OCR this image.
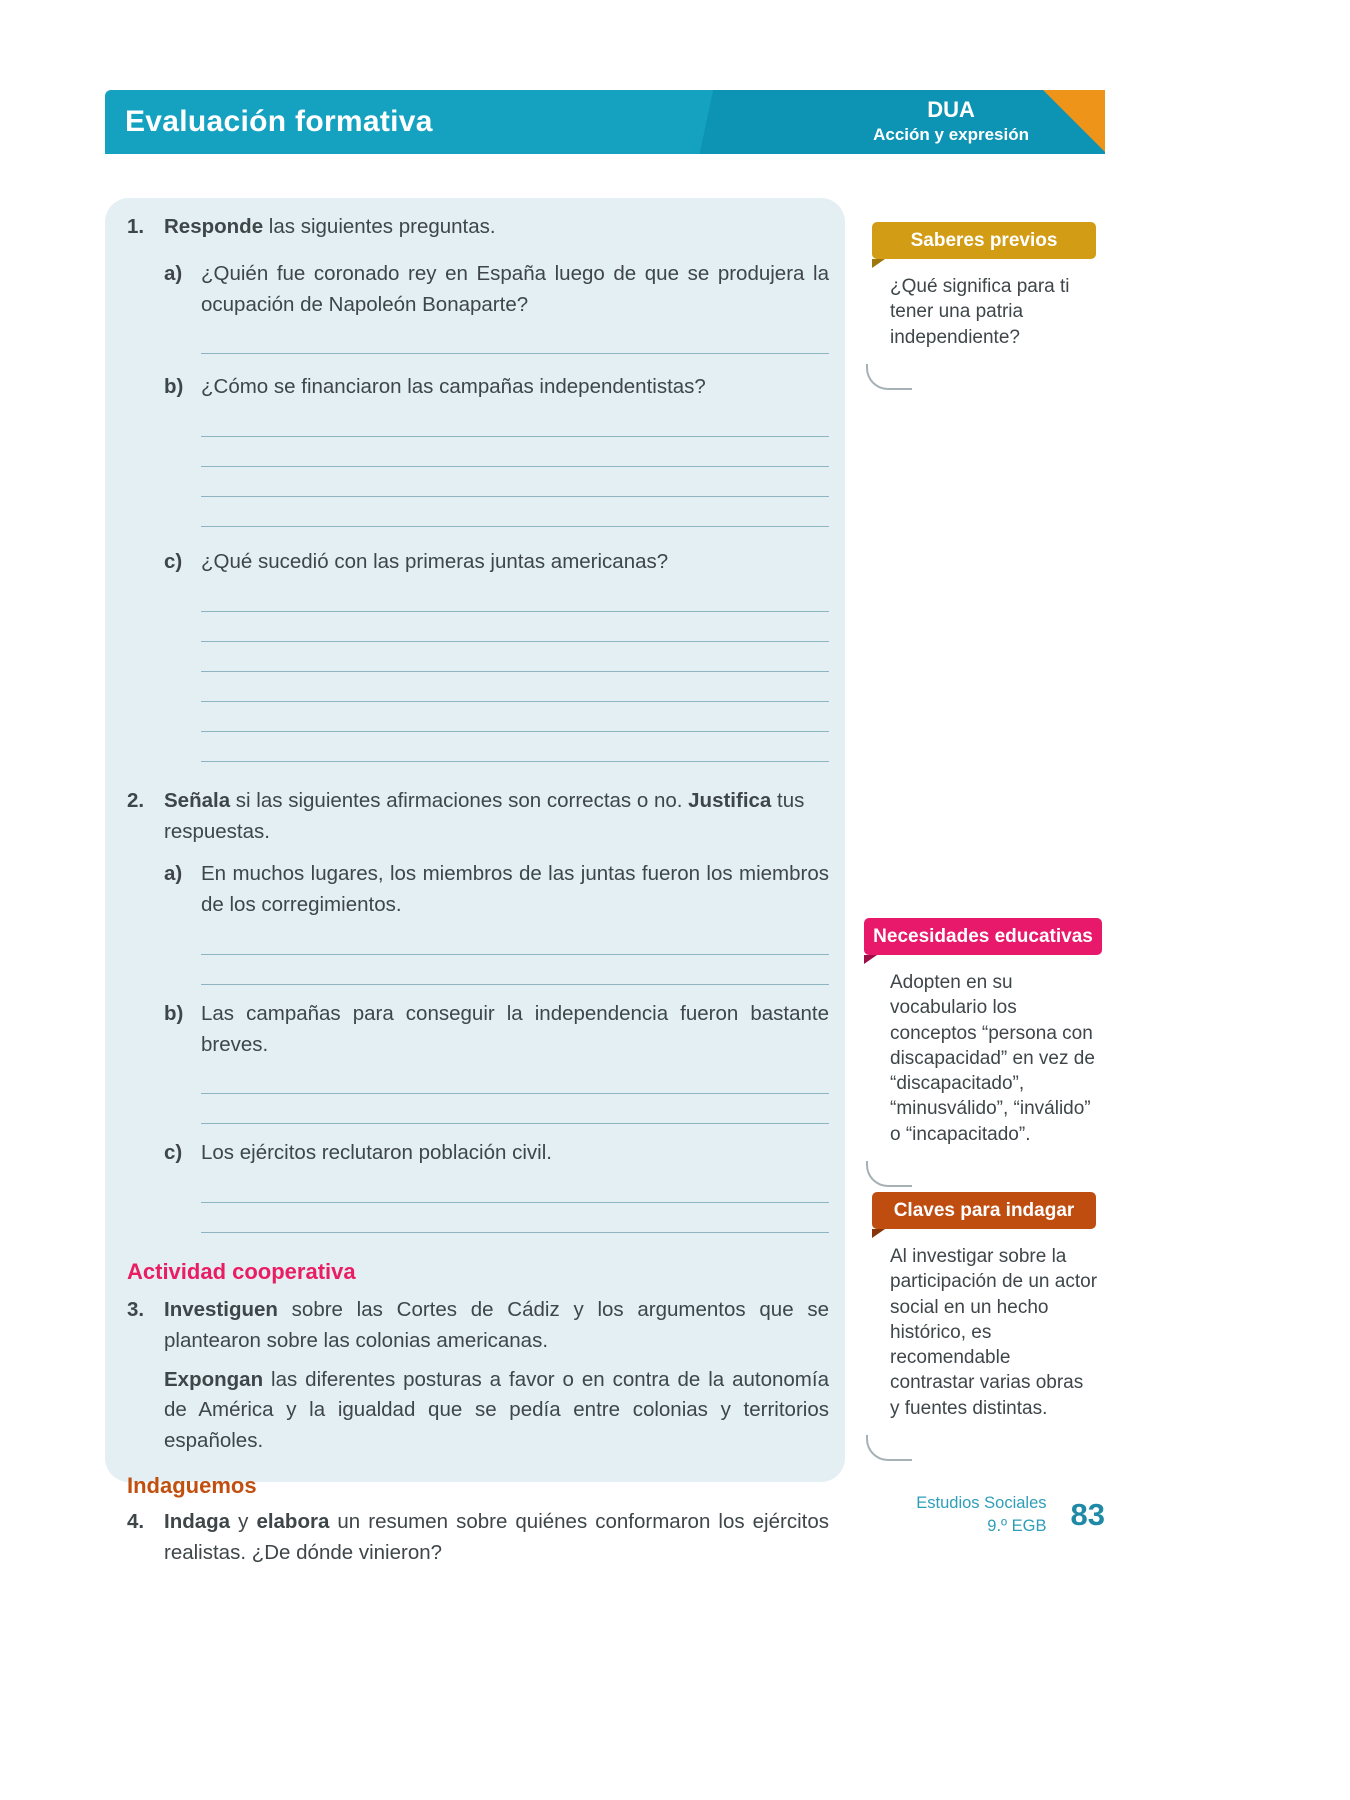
Evaluación formativa	DUA
Acción y expresión
1. Responde las siguientes preguntas.
a) ¿Quién fue coronado rey en España luego de que se produjera la ocupación de Napoleón Bonaparte?
b) ¿Cómo se financiaron las campañas independentistas?
c) ¿Qué sucedió con las primeras juntas americanas?
2. Señala si las siguientes afirmaciones son correctas o no. Justifica tus respuestas.
a) En muchos lugares, los miembros de las juntas fueron los miembros de los corregimientos.
b) Las campañas para conseguir la independencia fueron bastante breves.
c) Los ejércitos reclutaron población civil.
Actividad cooperativa
3. Investiguen sobre las Cortes de Cádiz y los argumentos que se plantearon sobre las colonias americanas.
Expongan las diferentes posturas a favor o en contra de la autonomía de América y la igualdad que se pedía entre colonias y territorios españoles.
Indaguemos
4. Indaga y elabora un resumen sobre quiénes conformaron los ejércitos realistas. ¿De dónde vinieron?
Saberes previos
¿Qué significa para ti tener una patria independiente?
Necesidades educativas
Adopten en su vocabulario los conceptos “persona con discapacidad” en vez de “discapacitado”, “minusválido”, “inválido” o “incapacitado”.
Claves para indagar
Al investigar sobre la participación de un actor social en un hecho histórico, es recomendable contrastar varias obras y fuentes distintas.
Estudios Sociales
9.º EGB 83
